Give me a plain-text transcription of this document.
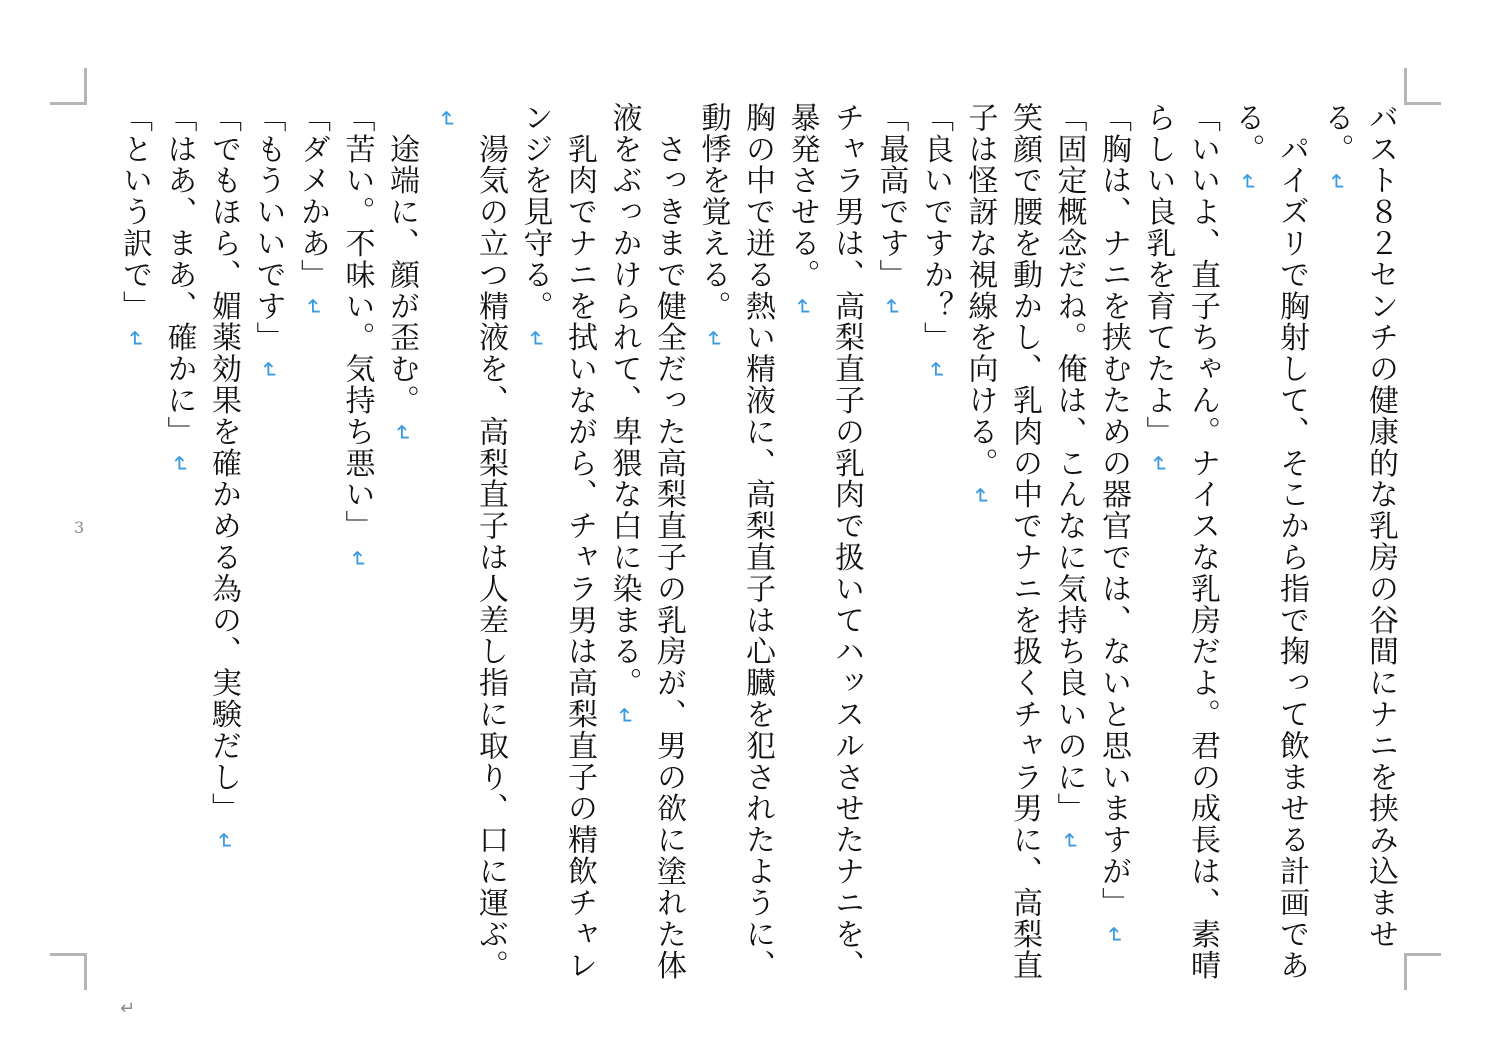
バスト８２センチの健康的な乳房の谷間にナニを挟み込ませる。↵
　パイズリで胸射して、そこから指で掬って飲ませる計画である。↵
「いいよ、直子ちゃん。ナイスな乳房だよ。君の成長は、素晴らしい良乳を育てたよ」↵
「胸は、ナニを挟むための器官では、ないと思いますが」↵
「固定概念だね。俺は、こんなに気持ち良いのに」↵
笑顔で腰を動かし、乳肉の中でナニを扱くチャラ男に、高梨直子は怪訝な視線を向ける。↵
「良いですか？」↵
「最高です」↵
チャラ男は、高梨直子の乳肉で扱いてハッスルさせたナニを、暴発させる。↵
胸の中で迸る熱い精液に、高梨直子は心臓を犯されたように、動悸を覚える。↵
　さっきまで健全だった高梨直子の乳房が、男の欲に塗れた体液をぶっかけられて、卑猥な白に染まる。↵
　乳肉でナニを拭いながら、チャラ男は高梨直子の精飲チャレンジを見守る。↵
　湯気の立つ精液を、高梨直子は人差し指に取り、口に運ぶ。↵
　途端に、顔が歪む。↵
「苦い。不味い。気持ち悪い」↵
「ダメかあ」↵
「もういいです」↵
「でもほら、媚薬効果を確かめる為の、実験だし」↵
「はあ、まあ、確かに」↵
「という訳で」↵
3
↵
